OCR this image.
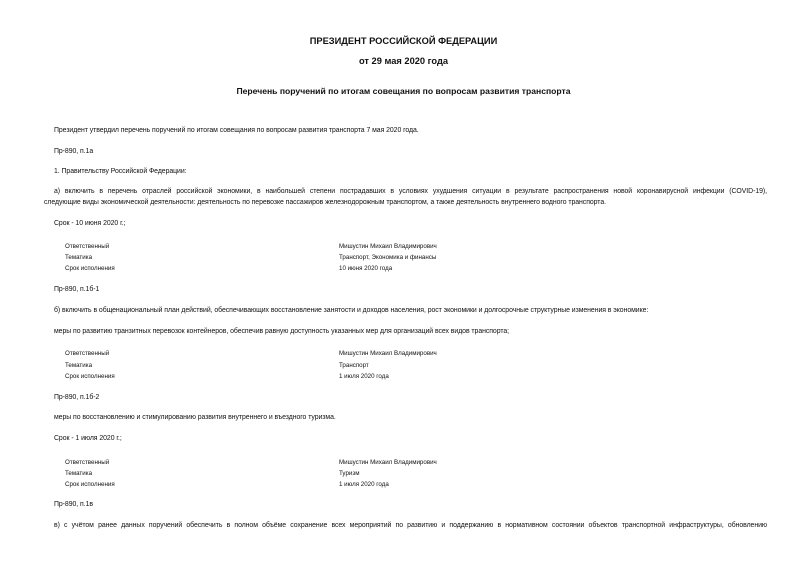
ПРЕЗИДЕНТ РОССИЙСКОЙ ФЕДЕРАЦИИ
от 29 мая 2020 года
Перечень поручений по итогам совещания по вопросам развития транспорта
Президент утвердил перечень поручений по итогам совещания по вопросам развития транспорта 7 мая 2020 года.
Пр-890, п.1а
1. Правительству Российской Федерации:
а) включить в перечень отраслей российской экономики, в наибольшей степени пострадавших в условиях ухудшения ситуации в результате распространения новой коронавирусной инфекции (COVID-19),
следующие виды экономической деятельности: деятельность по перевозке пассажиров железнодорожным транспортом, а также деятельность внутреннего водного транспорта.
Срок - 10 июня 2020 г.;
Ответственный	Мишустин Михаил Владимирович
Тематика	Транспорт, Экономика и финансы
Срок исполнения	10 июня 2020 года
Пр-890, п.1б-1
б) включить в общенациональный план действий, обеспечивающих восстановление занятости и доходов населения, рост экономики и долгосрочные структурные изменения в экономике:
меры по развитию транзитных перевозок контейнеров, обеспечив равную доступность указанных мер для организаций всех видов транспорта;
Ответственный	Мишустин Михаил Владимирович
Тематика	Транспорт
Срок исполнения	1 июля 2020 года
Пр-890, п.1б-2
меры по восстановлению и стимулированию развития внутреннего и въездного туризма.
Срок - 1 июля 2020 г.;
Ответственный	Мишустин Михаил Владимирович
Тематика	Туризм
Срок исполнения	1 июля 2020 года
Пр-890, п.1в
в) с учётом ранее данных поручений обеспечить в полном объёме сохранение всех мероприятий по развитию и поддержанию в нормативном состоянии объектов транспортной инфраструктуры, обновлению
